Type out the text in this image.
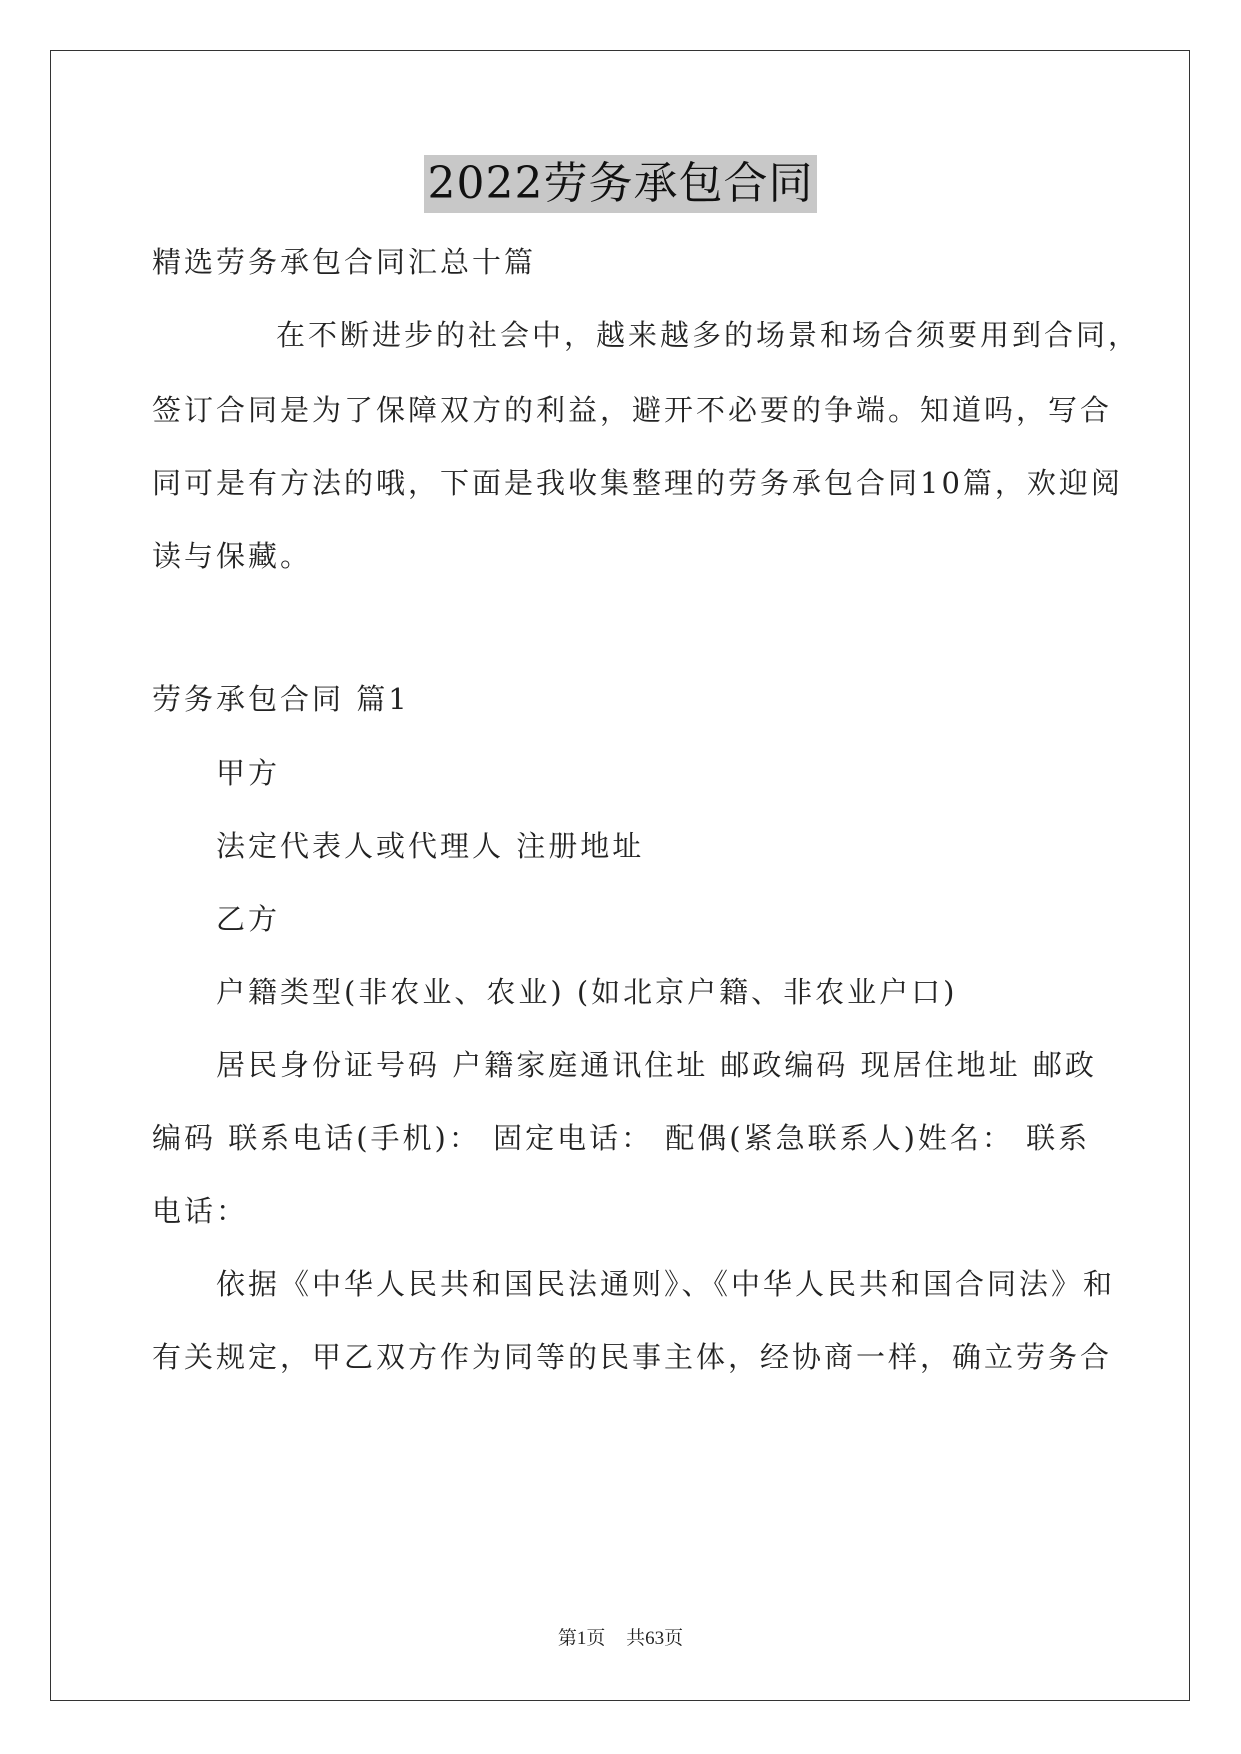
2022劳务承包合同
精选劳务承包合同汇总十篇
在不断进步的社会中，越来越多的场景和场合须要用到合同，
签订合同是为了保障双方的利益，避开不必要的争端。知道吗，写合
同可是有方法的哦，下面是我收集整理的劳务承包合同10篇，欢迎阅
读与保藏。
劳务承包合同 篇1
甲方
法定代表人或代理人 注册地址
乙方
户籍类型(非农业、农业) (如北京户籍、非农业户口)
居民身份证号码 户籍家庭通讯住址 邮政编码 现居住地址 邮政
编码 联系电话(手机)： 固定电话： 配偶(紧急联系人)姓名： 联系
电话：
依据《中华人民共和国民法通则》、《中华人民共和国合同法》和
有关规定，甲乙双方作为同等的民事主体，经协商一样，确立劳务合
第1页 共63页
